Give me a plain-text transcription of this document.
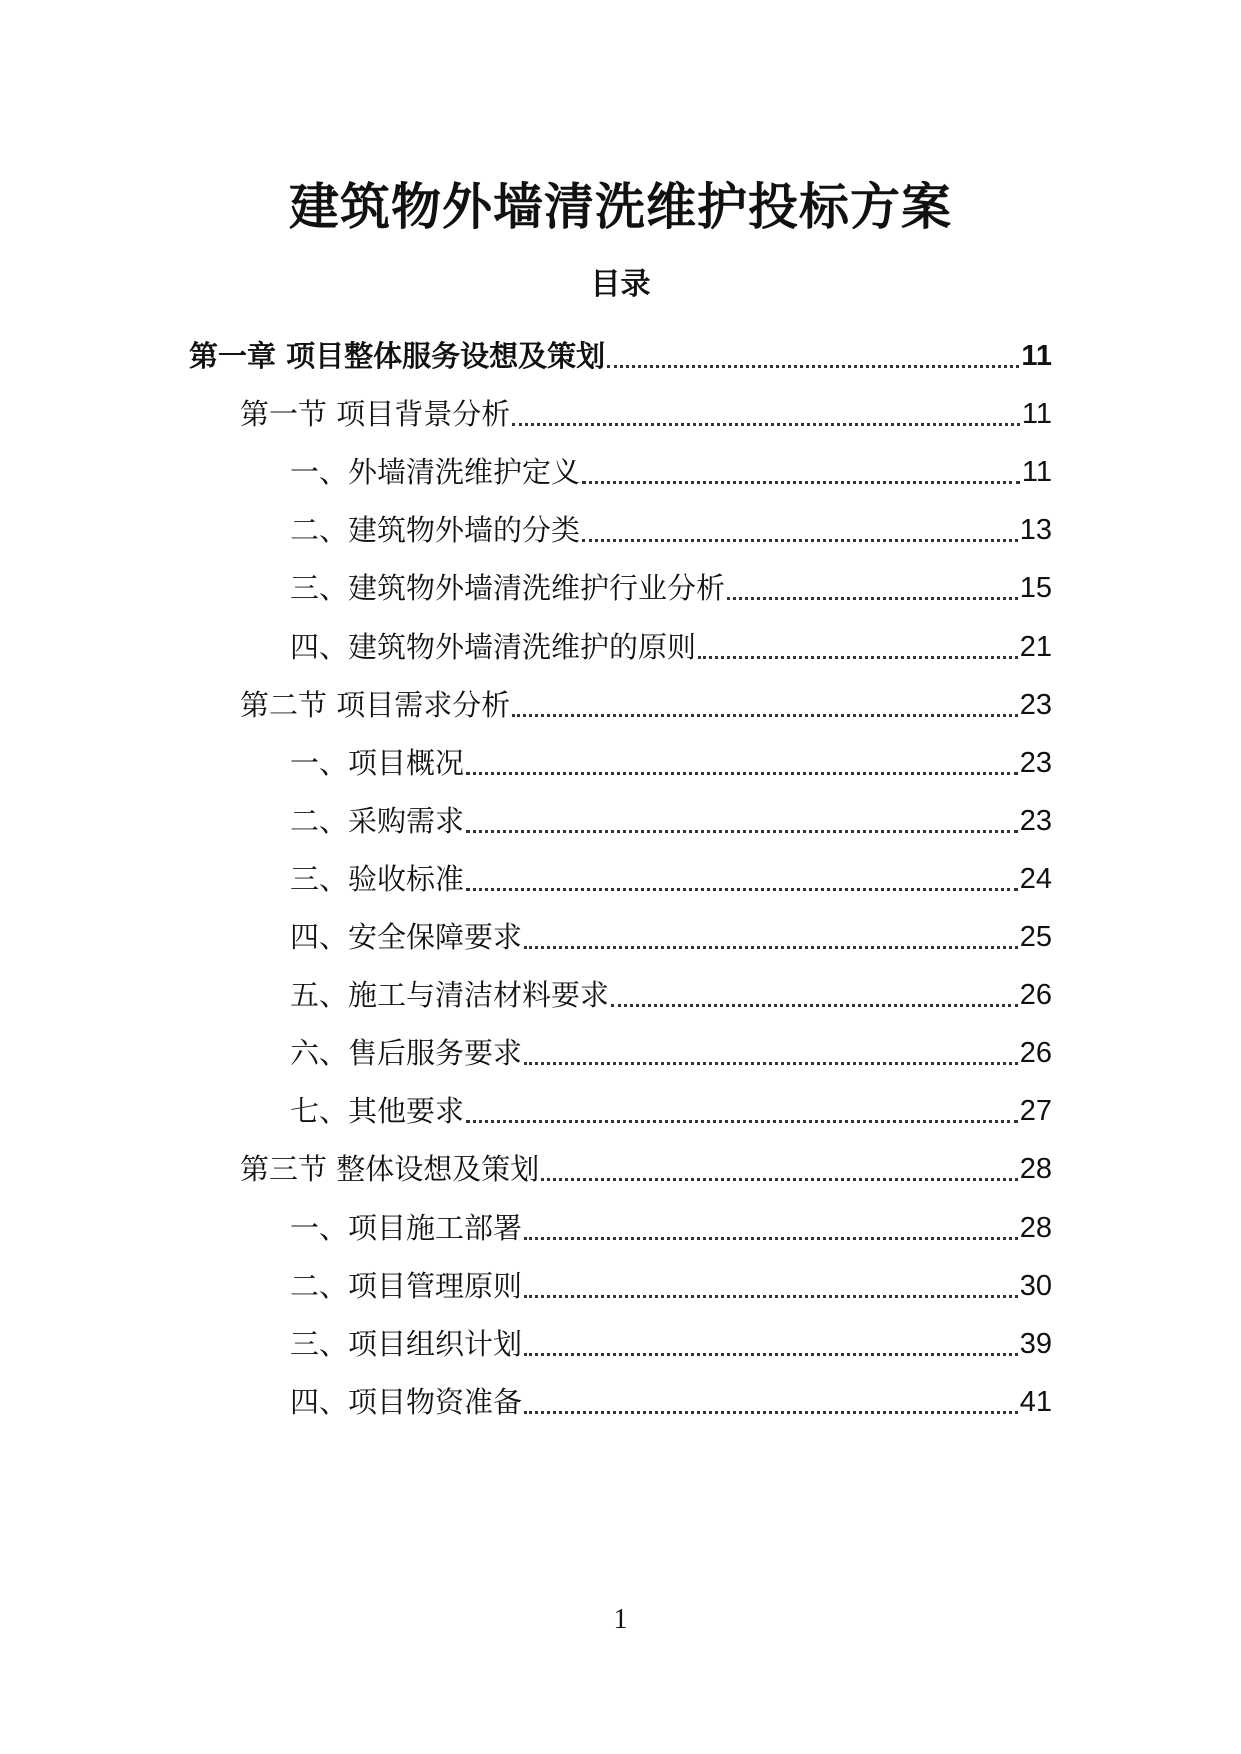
建筑物外墙清洗维护投标方案
目录
第一章 项目整体服务设想及策划	11
第一节 项目背景分析	11
一、外墙清洗维护定义	11
二、建筑物外墙的分类	13
三、建筑物外墙清洗维护行业分析	15
四、建筑物外墙清洗维护的原则	21
第二节 项目需求分析	23
一、项目概况	23
二、采购需求	23
三、验收标准	24
四、安全保障要求	25
五、施工与清洁材料要求	26
六、售后服务要求	26
七、其他要求	27
第三节 整体设想及策划	28
一、项目施工部署	28
二、项目管理原则	30
三、项目组织计划	39
四、项目物资准备	41
1
